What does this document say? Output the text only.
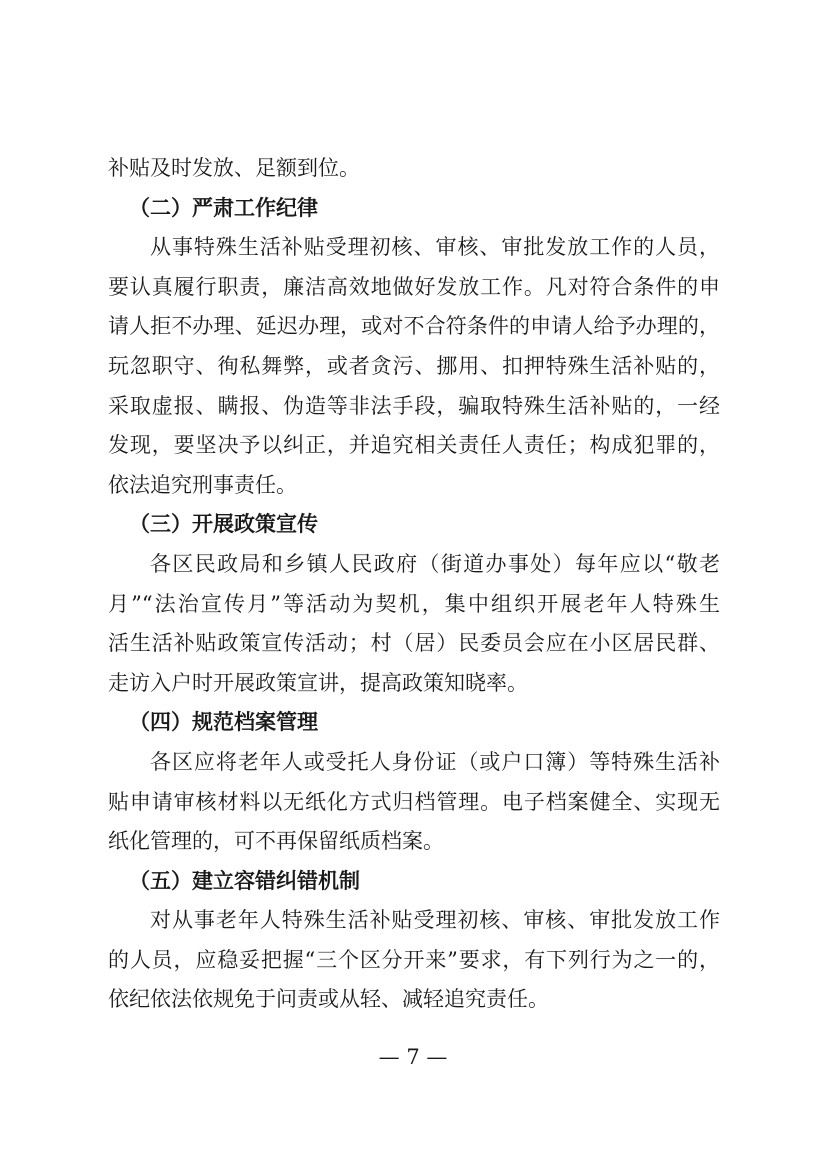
补贴及时发放、足额到位。
（二）严肃工作纪律
从事特殊生活补贴受理初核、审核、审批发放工作的人员，
要认真履行职责，廉洁高效地做好发放工作。凡对符合条件的申
请人拒不办理、延迟办理，或对不合符条件的申请人给予办理的，
玩忽职守、徇私舞弊，或者贪污、挪用、扣押特殊生活补贴的，
采取虚报、瞒报、伪造等非法手段，骗取特殊生活补贴的，一经
发现，要坚决予以纠正，并追究相关责任人责任；构成犯罪的，
依法追究刑事责任。
（三）开展政策宣传
各区民政局和乡镇人民政府（街道办事处）每年应以“敬老
月”“法治宣传月”等活动为契机，集中组织开展老年人特殊生
活生活补贴政策宣传活动；村（居）民委员会应在小区居民群、
走访入户时开展政策宣讲，提高政策知晓率。
（四）规范档案管理
各区应将老年人或受托人身份证（或户口簿）等特殊生活补
贴申请审核材料以无纸化方式归档管理。电子档案健全、实现无
纸化管理的，可不再保留纸质档案。
（五）建立容错纠错机制
对从事老年人特殊生活补贴受理初核、审核、审批发放工作
的人员，应稳妥把握“三个区分开来”要求，有下列行为之一的，
依纪依法依规免于问责或从轻、减轻追究责任。
— 7 —
